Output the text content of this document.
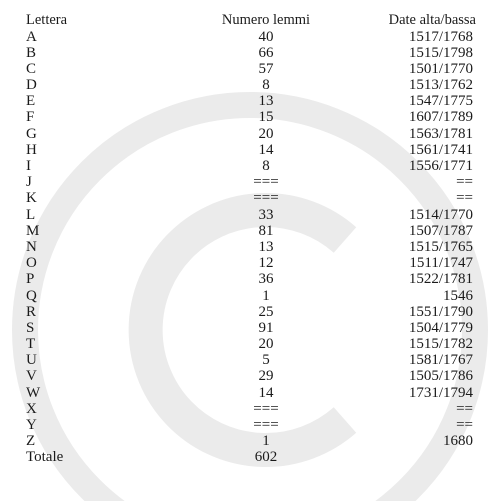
Lettera	Numero lemmi	Date alta/bassa
A	40	1517/1768
B	66	1515/1798
C	57	1501/1770
D	8	1513/1762
E	13	1547/1775
F	15	1607/1789
G	20	1563/1781
H	14	1561/1741
I	8	1556/1771
J	===	==
K	===	==
L	33	1514/1770
M	81	1507/1787
N	13	1515/1765
O	12	1511/1747
P	36	1522/1781
Q	1	1546
R	25	1551/1790
S	91	1504/1779
T	20	1515/1782
U	5	1581/1767
V	29	1505/1786
W	14	1731/1794
X	===	==
Y	===	==
Z	1	1680
Totale	602
